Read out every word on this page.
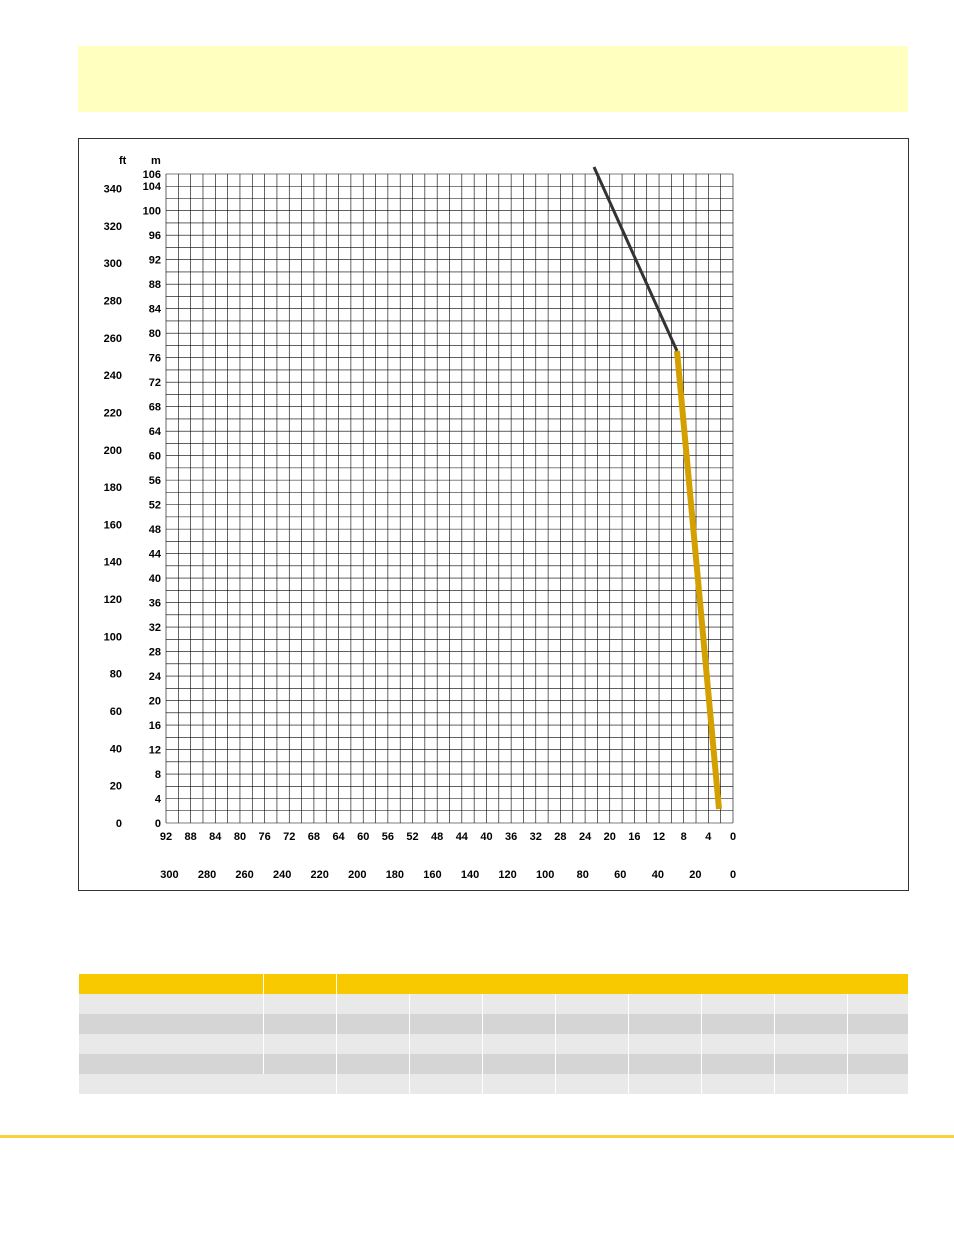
0
4
8
12
16
20
24
28
32
36
40
44
48
52
56
60
64
68
72
76
80
84
88
92
96
100
104
106
0
20
40
60
80
100
120
140
160
180
200
220
240
260
280
300
320
340
92 88 84 80 76 72 68 64 60 56 52 48 44 40 36 32 28 24 20 16 12 8 4 0
300 280 260 240 220 200 180 160 140 120 100 80 60 40 20	0
ft m
